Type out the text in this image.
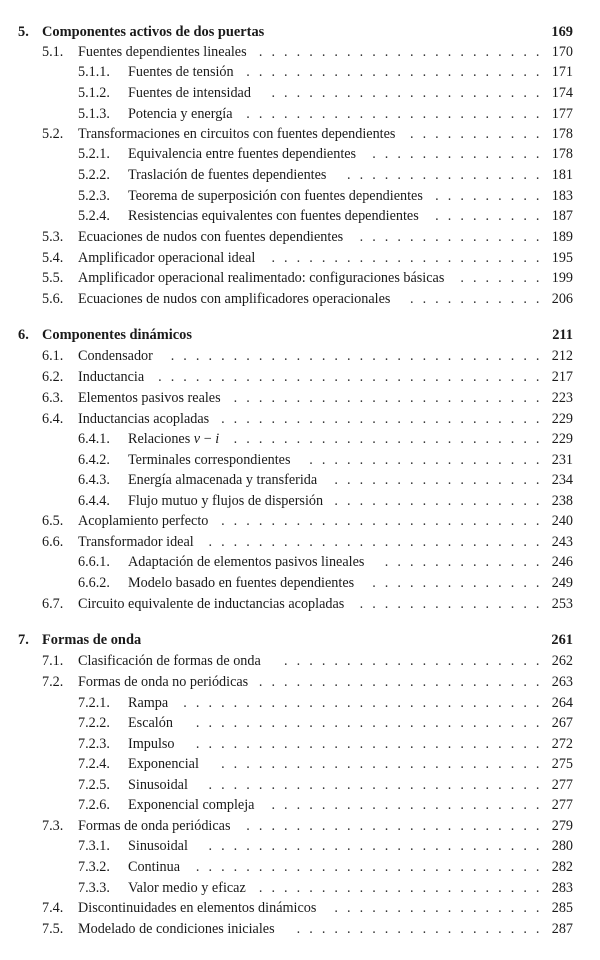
5. Componentes activos de dos puertas	169
5.1. Fuentes dependientes lineales	170
. . . . . . . . . . . . . . . . . . . . . . .
5.1.1. Fuentes de tensión	171
. . . . . . . . . . . . . . . . . . . . . . . .
5.1.2. Fuentes de intensidad	174
. . . . . . . . . . . . . . . . . . . . . .
5.1.3. Potencia y energía	177
. . . . . . . . . . . . . . . . . . . . . . . .
5.2. Transformaciones en circuitos con fuentes dependientes	178
. . . . . . . . . . .
5.2.1. Equivalencia entre fuentes dependientes	178
. . . . . . . . . . . . . .
5.2.2. Traslación de fuentes dependientes	181
. . . . . . . . . . . . . . . .
5.2.3. Teorema de superposición con fuentes dependientes	183
. . . . . . . . .
5.2.4. Resistencias equivalentes con fuentes dependientes	187
. . . . . . . . .
5.3. Ecuaciones de nudos con fuentes dependientes	189
. . . . . . . . . . . . . . .
5.4. Amplificador operacional ideal	195
. . . . . . . . . . . . . . . . . . . . . .
5.5. Amplificador operacional realimentado: configuraciones básicas	199
. . . . . . .
5.6. Ecuaciones de nudos con amplificadores operacionales	206
. . . . . . . . . . .
6. Componentes dinámicos	211
6.1. Condensador	212
. . . . . . . . . . . . . . . . . . . . . . . . . . . . . .
6.2. Inductancia	217
. . . . . . . . . . . . . . . . . . . . . . . . . . . . . . .
6.3. Elementos pasivos reales	223
. . . . . . . . . . . . . . . . . . . . . . . . .
6.4. Inductancias acopladas	229
. . . . . . . . . . . . . . . . . . . . . . . . . .
6.4.1. Relaciones v − i	229
. . . . . . . . . . . . . . . . . . . . . . . . .
6.4.2. Terminales correspondientes	231
. . . . . . . . . . . . . . . . . . .
6.4.3. Energía almacenada y transferida	234
. . . . . . . . . . . . . . . . .
6.4.4. Flujo mutuo y flujos de dispersión	238
. . . . . . . . . . . . . . . . .
6.5. Acoplamiento perfecto	240
. . . . . . . . . . . . . . . . . . . . . . . . . .
6.6. Transformador ideal	243
. . . . . . . . . . . . . . . . . . . . . . . . . . .
6.6.1. Adaptación de elementos pasivos lineales	246
. . . . . . . . . . . . .
6.6.2. Modelo basado en fuentes dependientes	249
. . . . . . . . . . . . . .
6.7. Circuito equivalente de inductancias acopladas	253
. . . . . . . . . . . . . . .
7. Formas de onda	261
7.1. Clasificación de formas de onda	262
. . . . . . . . . . . . . . . . . . . . .
7.2. Formas de onda no periódicas	263
. . . . . . . . . . . . . . . . . . . . . . .
7.2.1. Rampa	264
. . . . . . . . . . . . . . . . . . . . . . . . . . . . .
7.2.2. Escalón	267
. . . . . . . . . . . . . . . . . . . . . . . . . . . .
7.2.3. Impulso	272
. . . . . . . . . . . . . . . . . . . . . . . . . . . .
7.2.4. Exponencial	275
. . . . . . . . . . . . . . . . . . . . . . . . . .
7.2.5. Sinusoidal	277
. . . . . . . . . . . . . . . . . . . . . . . . . . .
7.2.6. Exponencial compleja	277
. . . . . . . . . . . . . . . . . . . . . .
7.3. Formas de onda periódicas	279
. . . . . . . . . . . . . . . . . . . . . . . .
7.3.1. Sinusoidal	280
. . . . . . . . . . . . . . . . . . . . . . . . . . .
7.3.2. Continua	282
. . . . . . . . . . . . . . . . . . . . . . . . . . . .
7.3.3. Valor medio y eficaz	283
. . . . . . . . . . . . . . . . . . . . . . .
7.4. Discontinuidades en elementos dinámicos	285
. . . . . . . . . . . . . . . . .
7.5. Modelado de condiciones iniciales	287
. . . . . . . . . . . . . . . . . . . .
